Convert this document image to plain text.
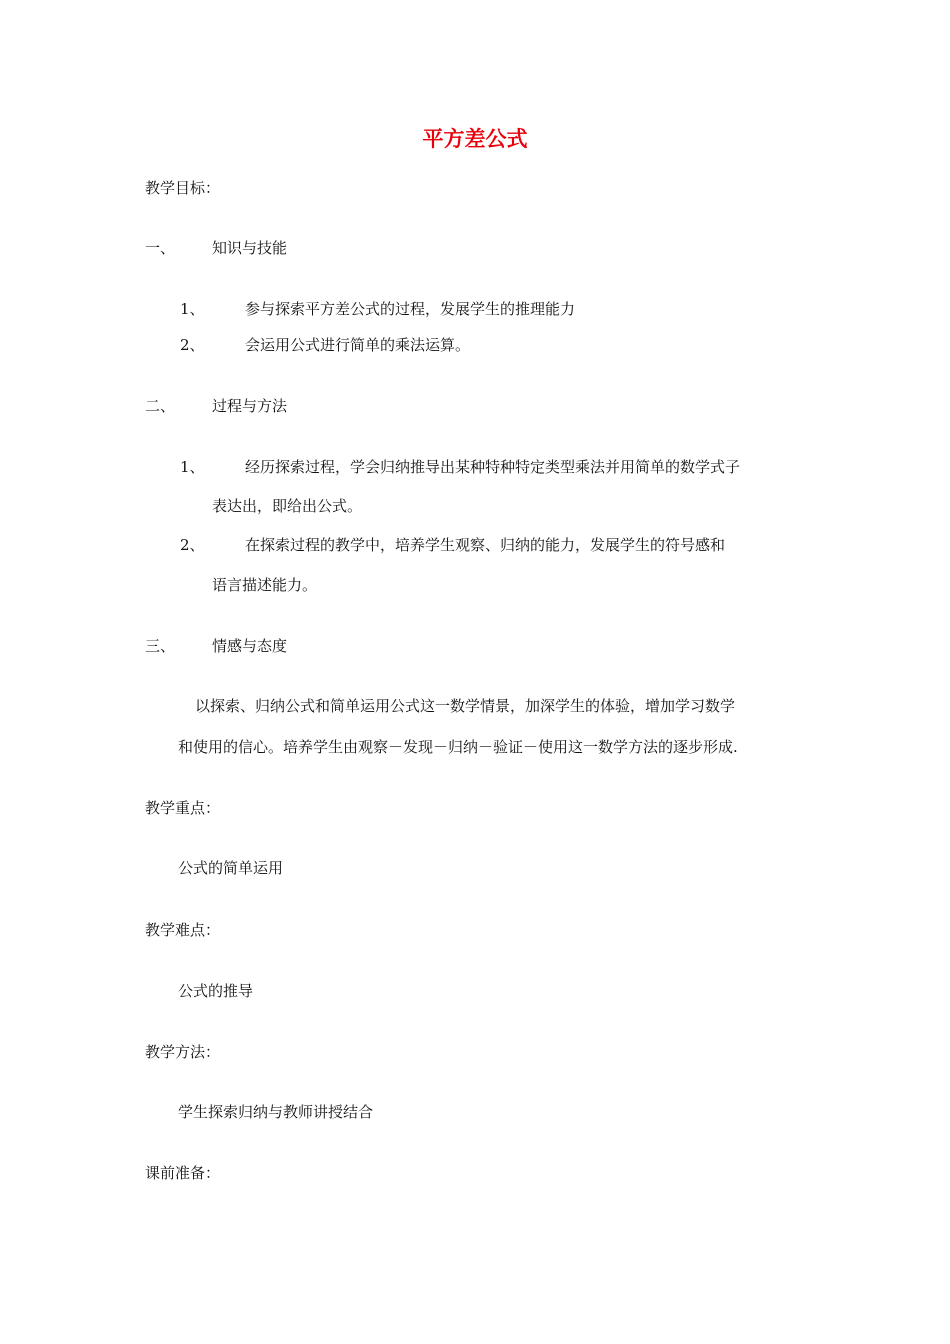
平方差公式
教学目标：
一、 知识与技能
1、	参与探索平方差公式的过程，发展学生的推理能力
2、	会运用公式进行简单的乘法运算。
二、 过程与方法
1、	经历探索过程，学会归纳推导出某种特种特定类型乘法并用简单的数学式子
表达出，即给出公式。
2、	在探索过程的教学中，培养学生观察、归纳的能力，发展学生的符号感和
语言描述能力。
三、 情感与态度
以探索、归纳公式和简单运用公式这一数学情景，加深学生的体验，增加学习数学
和使用的信心。培养学生由观察－发现－归纳－验证－使用这一数学方法的逐步形成.
教学重点：
公式的简单运用
教学难点：
公式的推导
教学方法：
学生探索归纳与教师讲授结合
课前准备：
